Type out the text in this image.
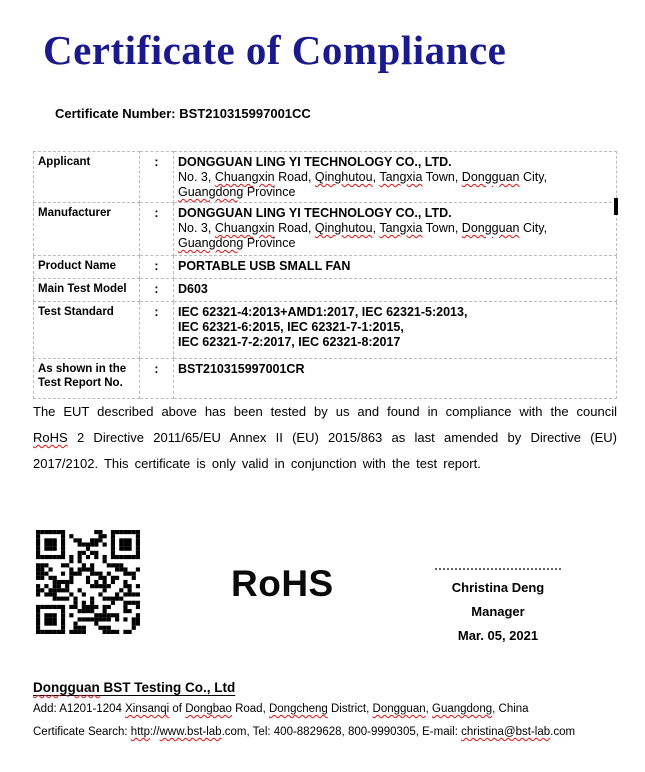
Certificate of Compliance
Certificate Number: BST210315997001CC
Applicant	:	DONGGUAN LING YI TECHNOLOGY CO., LTD.
No. 3, Chuangxin Road, Qinghutou, Tangxia Town, Dongguan City,
Guangdong Province
Manufacturer	:	DONGGUAN LING YI TECHNOLOGY CO., LTD.
No. 3, Chuangxin Road, Qinghutou, Tangxia Town, Dongguan City,
Guangdong Province
Product Name	:	PORTABLE USB SMALL FAN
Main Test Model	:	D603
Test Standard	:	IEC 62321-4:2013+AMD1:2017, IEC 62321-5:2013,
IEC 62321-6:2015, IEC 62321-7-1:2015,
IEC 62321-7-2:2017, IEC 62321-8:2017
As shown in the Test Report No.	:	BST210315997001CR
The EUT described above has been tested by us and found in compliance with the council RoHS 2 Directive 2011/65/EU Annex II (EU) 2015/863 as last amended by Directive (EU) 2017/2102. This certificate is only valid in conjunction with the test report.
RoHS	Christina Deng
Manager
Mar. 05, 2021
Dongguan BST Testing Co., Ltd
Add: A1201-1204 Xinsanqi of Dongbao Road, Dongcheng District, Dongguan, Guangdong, China
Certificate Search: http://www.bst-lab.com, Tel: 400-8829628, 800-9990305, E-mail: christina@bst-lab.com
